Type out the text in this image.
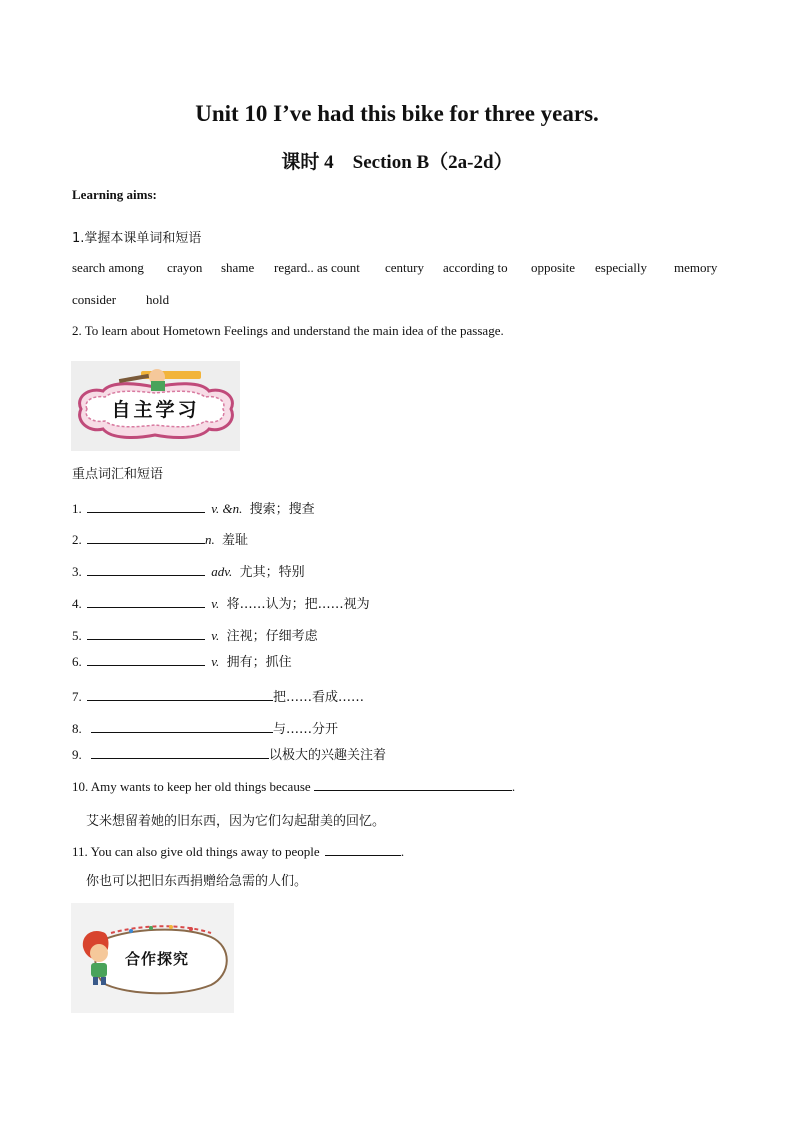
Unit 10 I’ve had this bike for three years.
课时 4 Section B（2a-2d）
Learning aims:
1.掌握本课单词和短语
search among crayon shame regard.. as count century according to opposite especially memory
consider hold
2. To learn about Hometown Feelings and understand the main idea of the passage.
自主学习
重点词汇和短语
1.	v. &n. 搜索；搜查
2.	n. 羞耻
3.	adv. 尤其；特别
4.	v. 将……认为；把……视为
5.	v. 注视；仔细考虑
6.	v. 拥有；抓住
7.	把……看成……
8.	与……分开
9.	以极大的兴趣关注着
10. Amy wants to keep her old things because	.
艾米想留着她的旧东西，因为它们勾起甜美的回忆。
11. You can also give old things away to people	.
你也可以把旧东西捐赠给急需的人们。
合作探究
